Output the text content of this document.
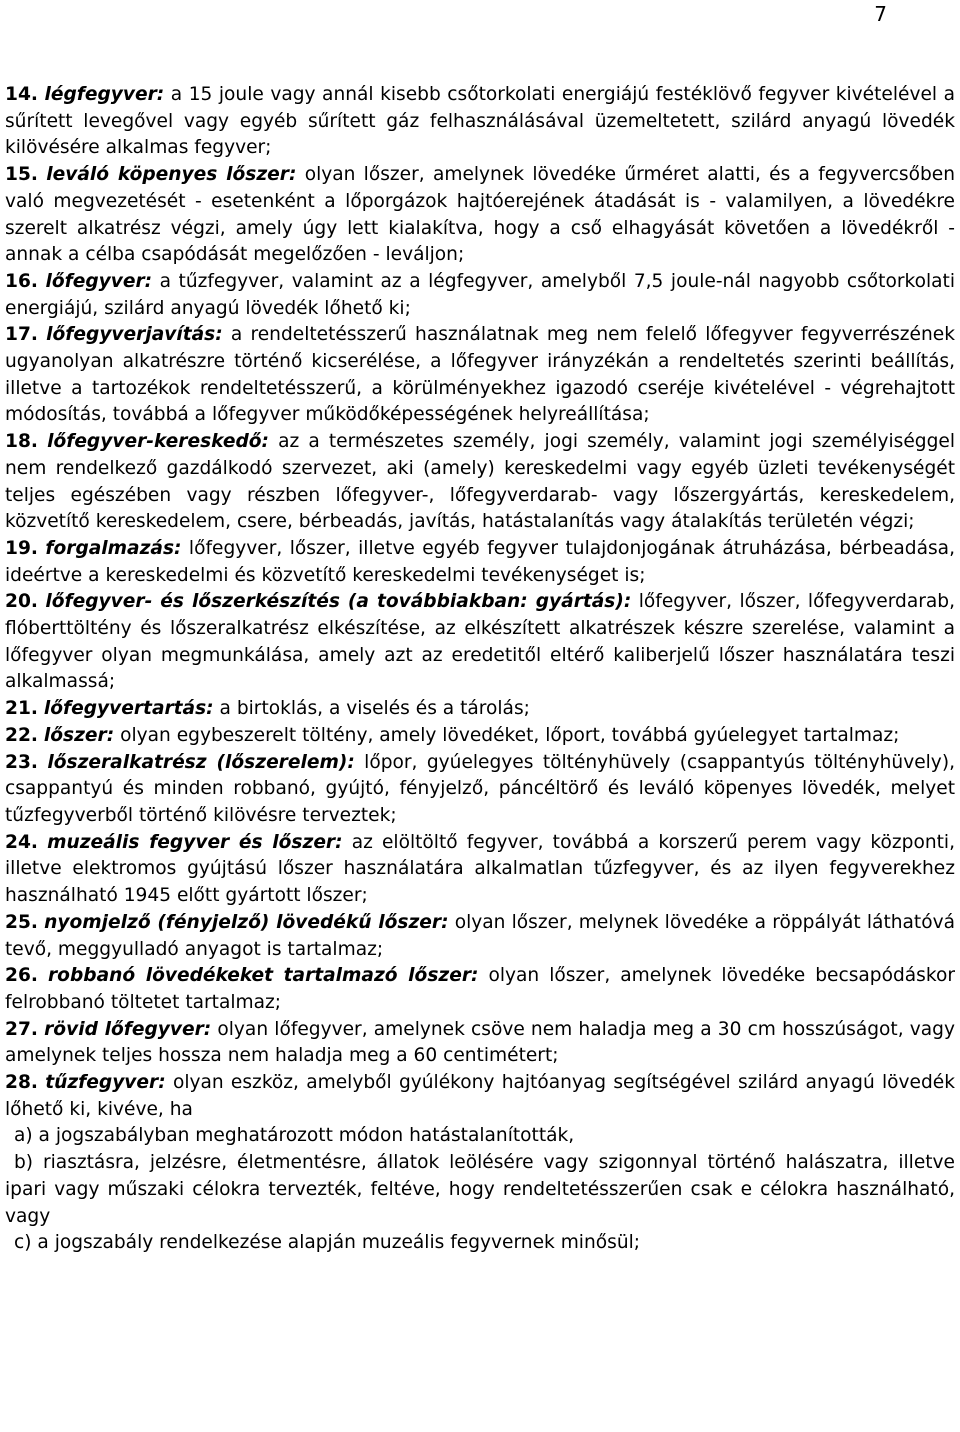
7

14. légfegyver: a 15 joule vagy annál kisebb csőtorkolati energiájú festéklövő fegyver kivételével a sűrített levegővel vagy egyéb sűrített gáz felhasználásával üzemeltetett, szilárd anyagú lövedék kilövésére alkalmas fegyver;

15. leváló köpenyes lőszer: olyan lőszer, amelynek lövedéke űrméret alatti, és a fegyvercsőben való megvezetését - esetenként a lőporgázok hajtóerejének átadását is - valamilyen, a lövedékre szerelt alkatrész végzi, amely úgy lett kialakítva, hogy a cső elhagyását követően a lövedékről - annak a célba csapódását megelőzően - leváljon;

16. lőfegyver: a tűzfegyver, valamint az a légfegyver, amelyből 7,5 joule-nál nagyobb csőtorkolati energiájú, szilárd anyagú lövedék lőhető ki;

17. lőfegyverjavítás: a rendeltetésszerű használatnak meg nem felelő lőfegyver fegyverrészének ugyanolyan alkatrészre történő kicserélése, a lőfegyver irányzékán a rendeltetés szerinti beállítás, illetve a tartozékok rendeltetésszerű, a körülményekhez igazodó cseréje kivételével - végrehajtott módosítás, továbbá a lőfegyver működőképességének helyreállítása;

18. lőfegyver-kereskedő: az a természetes személy, jogi személy, valamint jogi személyiséggel nem rendelkező gazdálkodó szervezet, aki (amely) kereskedelmi vagy egyéb üzleti tevékenységét teljes egészében vagy részben lőfegyver-, lőfegyverdarab- vagy lőszergyártás, kereskedelem, közvetítő kereskedelem, csere, bérbeadás, javítás, hatástalanítás vagy átalakítás területén végzi;

19. forgalmazás: lőfegyver, lőszer, illetve egyéb fegyver tulajdonjogának átruházása, bérbeadása, ideértve a kereskedelmi és közvetítő kereskedelmi tevékenységet is;

20. lőfegyver- és lőszerkészítés (a továbbiakban: gyártás): lőfegyver, lőszer, lőfegyverdarab, flóberttöltény és lőszeralkatrész elkészítése, az elkészített alkatrészek készre szerelése, valamint a lőfegyver olyan megmunkálása, amely azt az eredetitől eltérő kaliberjelű lőszer használatára teszi alkalmassá;

21. lőfegyvertartás: a birtoklás, a viselés és a tárolás;

22. lőszer: olyan egybeszerelt töltény, amely lövedéket, lőport, továbbá gyúelegyet tartalmaz;

23. lőszeralkatrész (lőszerelem): lőpor, gyúelegyes töltényhüvely (csappantyús töltényhüvely), csappantyú és minden robbanó, gyújtó, fényjelző, páncéltörő és leváló köpenyes lövedék, melyet tűzfegyverből történő kilövésre terveztek;

24. muzeális fegyver és lőszer: az elöltöltő fegyver, továbbá a korszerű perem vagy központi, illetve elektromos gyújtású lőszer használatára alkalmatlan tűzfegyver, és az ilyen fegyverekhez használható 1945 előtt gyártott lőszer;

25. nyomjelző (fényjelző) lövedékű lőszer: olyan lőszer, melynek lövedéke a röppályát láthatóvá tevő, meggyulladó anyagot is tartalmaz;

26. robbanó lövedékeket tartalmazó lőszer: olyan lőszer, amelynek lövedéke becsapódáskor felrobbanó töltetet tartalmaz;

27. rövid lőfegyver: olyan lőfegyver, amelynek csöve nem haladja meg a 30 cm hosszúságot, vagy amelynek teljes hossza nem haladja meg a 60 centimétert;

28. tűzfegyver: olyan eszköz, amelyből gyúlékony hajtóanyag segítségével szilárd anyagú lövedék lőhető ki, kivéve, ha

a) a jogszabályban meghatározott módon hatástalanították,

b) riasztásra, jelzésre, életmentésre, állatok leölésére vagy szigonnyal történő halászatra, illetve ipari vagy műszaki célokra tervezték, feltéve, hogy rendeltetésszerűen csak e célokra használható, vagy

c) a jogszabály rendelkezése alapján muzeális fegyvernek minősül;
